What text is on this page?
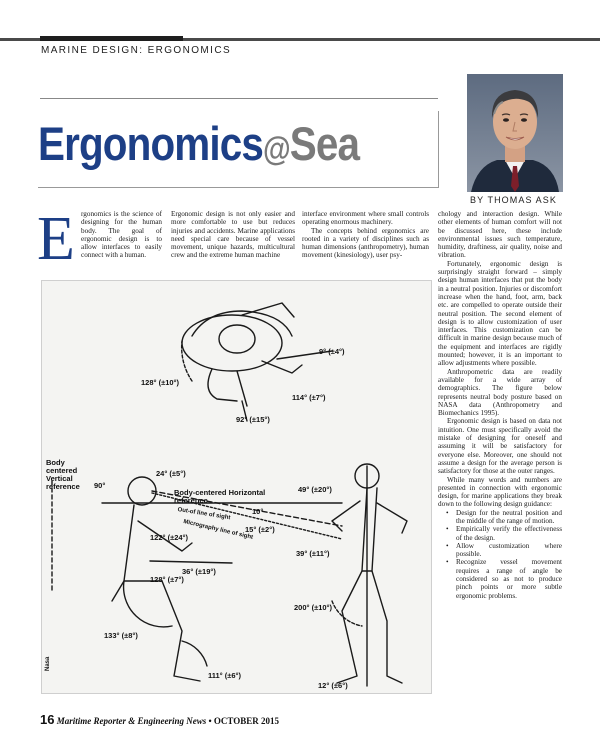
MARINE DESIGN: ERGONOMICS
Ergonomics@Sea
BY THOMAS ASK
E rgonomics is the science of designing for the human body. The goal of ergonomic design is to allow interfaces to easily connect with a human.

Ergonomic design is not only easier and more comfortable to use but reduces injuries and accidents. Marine applications need special care because of vessel movement, unique hazards, multicultural crew and the extreme human machine

interface environment where small controls operating enormous machinery.

The concepts behind ergonomics are rooted in a variety of disciplines such as human dimensions (anthropometry), human movement (kinesiology), user psy-

chology and interaction design. While other elements of human comfort will not be discussed here, these include environmental issues such temperature, humidity, draftiness, air quality, noise and vibration.

Fortunately, ergonomic design is surprisingly straight forward – simply design human interfaces that put the body in a neutral position. Injuries or discomfort increase when the hand, foot, arm, back etc. are compelled to operate outside their neutral position. The second element of design is to allow customization of user interfaces. This customization can be difficult in marine design because much of the equipment and interfaces are rigidly mounted; however, it is an important to allow adjustments where possible.

Anthropometric data are readily available for a wide array of demographics. The figure below represents neutral body posture based on NASA data (Anthropometry and Biomechanics 1995).

Ergonomic design is based on data not intuition. One must specifically avoid the mistake of designing for oneself and assuming it will be satisfactory for everyone else. Moreover, one should not assume a design for the average person is satisfactory for those at the outer ranges.

While many words and numbers are presented in connection with ergonomic design, for marine applications they break down to the following design guidance:

• Design for the neutral position and the middle of the range of motion.
• Empirically verify the effectiveness of the design.
• Allow customization where possible.
• Recognize vessel movement requires a range of angle be considered so as not to produce pinch points or more subtle ergonomic problems.
9° (±4°)
128° (±10°)
114° (±7°)
92° (±15°)
Body centered Vertical reference
24° (±5°)
90°
Body-centered Horizontal reference
10°
Out-of line of sight
Micrography line of sight
15° (±2°)
122° (±24°)
36° (±19°)
128° (±7°)
133° (±8°)
111° (±6°)
49° (±20°)
39° (±11°)
200° (±10°)
12° (±6°)
Nasa
16 Maritime Reporter & Engineering News • OCTOBER 2015
